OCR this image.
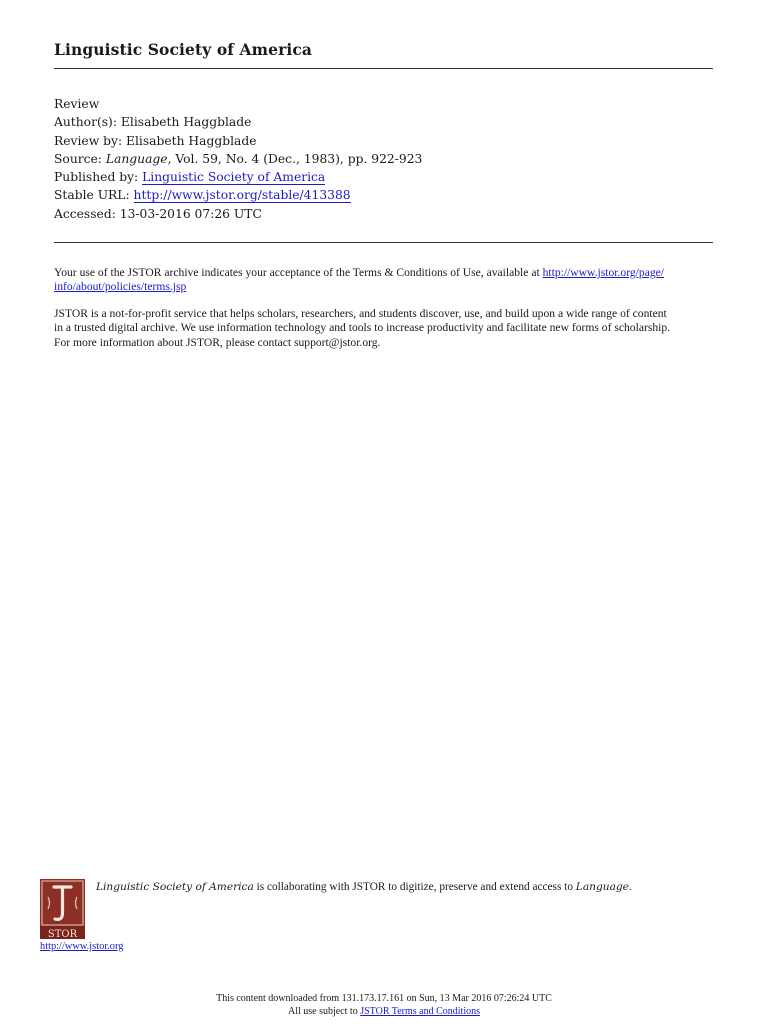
Linguistic Society of America
Review
Author(s): Elisabeth Haggblade
Review by: Elisabeth Haggblade
Source: Language, Vol. 59, No. 4 (Dec., 1983), pp. 922-923
Published by: Linguistic Society of America
Stable URL: http://www.jstor.org/stable/413388
Accessed: 13-03-2016 07:26 UTC
Your use of the JSTOR archive indicates your acceptance of the Terms & Conditions of Use, available at http://www.jstor.org/page/
info/about/policies/terms.jsp
JSTOR is a not-for-profit service that helps scholars, researchers, and students discover, use, and build upon a wide range of content
in a trusted digital archive. We use information technology and tools to increase productivity and facilitate new forms of scholarship.
For more information about JSTOR, please contact support@jstor.org.
STOR
Linguistic Society of America is collaborating with JSTOR to digitize, preserve and extend access to Language.
http://www.jstor.org
This content downloaded from 131.173.17.161 on Sun, 13 Mar 2016 07:26:24 UTC
All use subject to JSTOR Terms and Conditions
